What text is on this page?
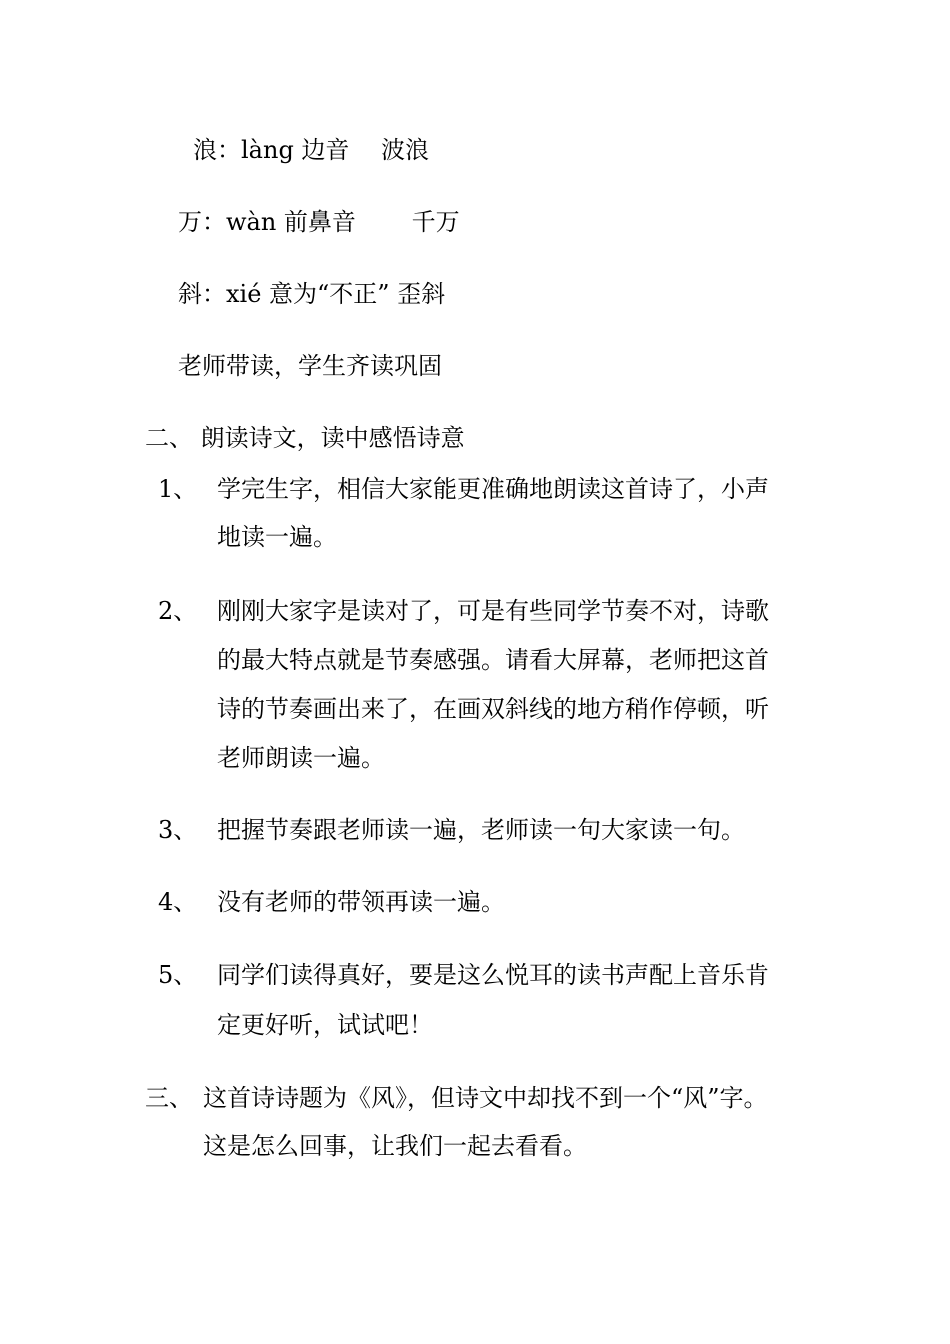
浪：làng 边音　 波浪
万：wàn 前鼻音　 　千万
斜：xié 意为“不正” 歪斜
老师带读，学生齐读巩固
二、 朗读诗文，读中感悟诗意
1、 学完生字，相信大家能更准确地朗读这首诗了，小声
地读一遍。
2、 刚刚大家字是读对了，可是有些同学节奏不对，诗歌
的最大特点就是节奏感强。请看大屏幕，老师把这首
诗的节奏画出来了，在画双斜线的地方稍作停顿，听
老师朗读一遍。
3、 把握节奏跟老师读一遍，老师读一句大家读一句。
4、 没有老师的带领再读一遍。
5、 同学们读得真好，要是这么悦耳的读书声配上音乐肯
定更好听，试试吧！
三、 这首诗诗题为《风》，但诗文中却找不到一个“风”字。
这是怎么回事，让我们一起去看看。
